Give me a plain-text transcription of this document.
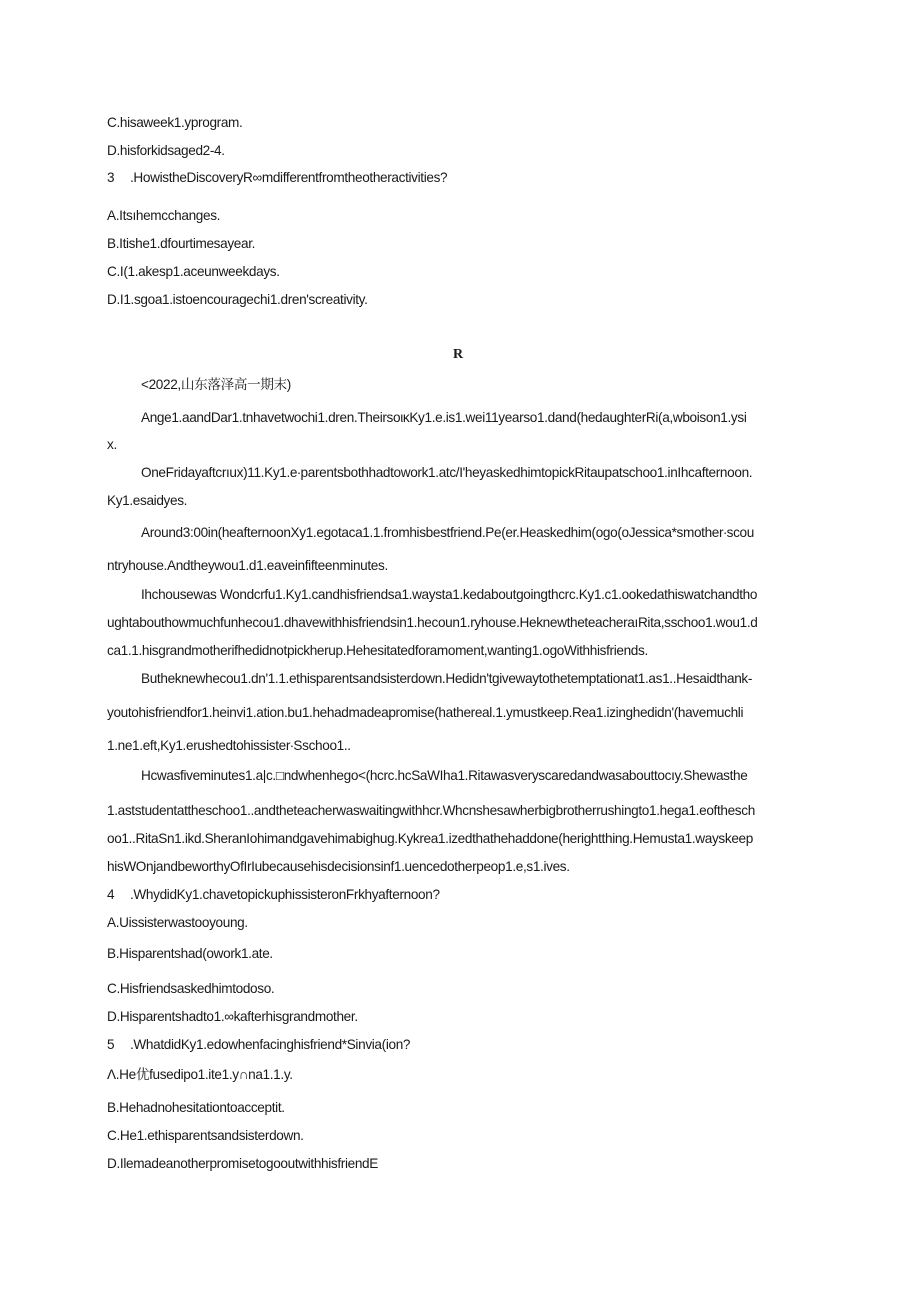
C.hisaweek1.yprogram.
D.hisforkidsaged2-4.
3 .HowistheDiscoveryR∞mdifferentfromtheotheractivities?
A.Itsıhemcchanges.
B.Itishe1.dfourtimesayear.
C.I(1.akesp1.aceunweekdays.
D.I1.sgoa1.istoencouragechi1.dren'screativity.
R
<2022,山东落泽高一期末)
Ange1.aandDar1.tnhavetwochi1.dren.TheirsoικKy1.e.is1.wei11yearso1.dand(hedaughterRi(a,wboison1.ysi
x.
OneFridayaftcrıux)11.Ky1.e∙parentsbothhadtowork1.atc/I'heyaskedhimtopickRitaupatschoo1.inIhcafternoon.
Ky1.esaidyes.
Around3:00in(heafternoonXy1.egotaca1.1.fromhisbestfriend.Pe(er.Heaskedhim(ogo(oJessica*smother∙scou
ntryhouse.Andtheywou1.d1.eaveinfifteenminutes.
Ihchousewas Wondcrfu1.Ky1.candhisfriendsa1.waysta1.kedaboutgoingthcrc.Ky1.c1.ookedathiswatchandtho
ughtabouthowmuchfunhecou1.dhavewithhisfriendsin1.hecoun1.ryhouse.HeknewtheteacheraıRita,sschoo1.wou1.d
ca1.1.hisgrandmotherifhedidnotpickherup.Hehesitatedforamoment,wanting1.ogoWithhisfriends.
Butheknewhecou1.dn'1.1.ethisparentsandsisterdown.Hedidn'tgivewaytothetemptationat1.as1..Hesaidthank-
youtohisfriendfor1.heinvi1.ation.bu1.hehadmadeapromise(hathereal.1.ymustkeep.Rea1.izinghedidn'(havemuchli
1.ne1.eft,Ky1.erushedtohissister∙Sschoo1..
Hcwasfiveminutes1.a|c.□ndwhenhego<(hcrc.hcSaWIha1.Ritawasveryscaredandwasabouttocıy.Shewasthe
1.aststudentattheschoo1..andtheteacherwaswaitingwithhcr.Whcnshesawherbigbrotherrushingto1.hega1.eofthesch
oo1..RitaSn1.ikd.SheranIohimandgavehimabighug.Kykrea1.izedthathehaddone(herightthing.Hemusta1.wayskeep
hisWOnjandbeworthyOfIrIubecausehisdecisionsinf1.uencedotherpeop1.e,s1.ives.
4 .WhydidKy1.chavetopickuphissisteronFrkhyafternoon?
A.Uissisterwastooyoung.
B.Hisparentshad(owork1.ate.
C.Hisfriendsaskedhimtodoso.
D.Hisparentshadto1.∞kafterhisgrandmother.
5 .WhatdidKy1.edowhenfacinghisfriend*Sinvia(ion?
Λ.He优fusedipo1.ite1.y∩na1.1.y.
B.Hehadnohesitationtoacceptit.
C.He1.ethisparentsandsisterdown.
D.IlemadeanotherpromisetogooutwithhisfriendE
